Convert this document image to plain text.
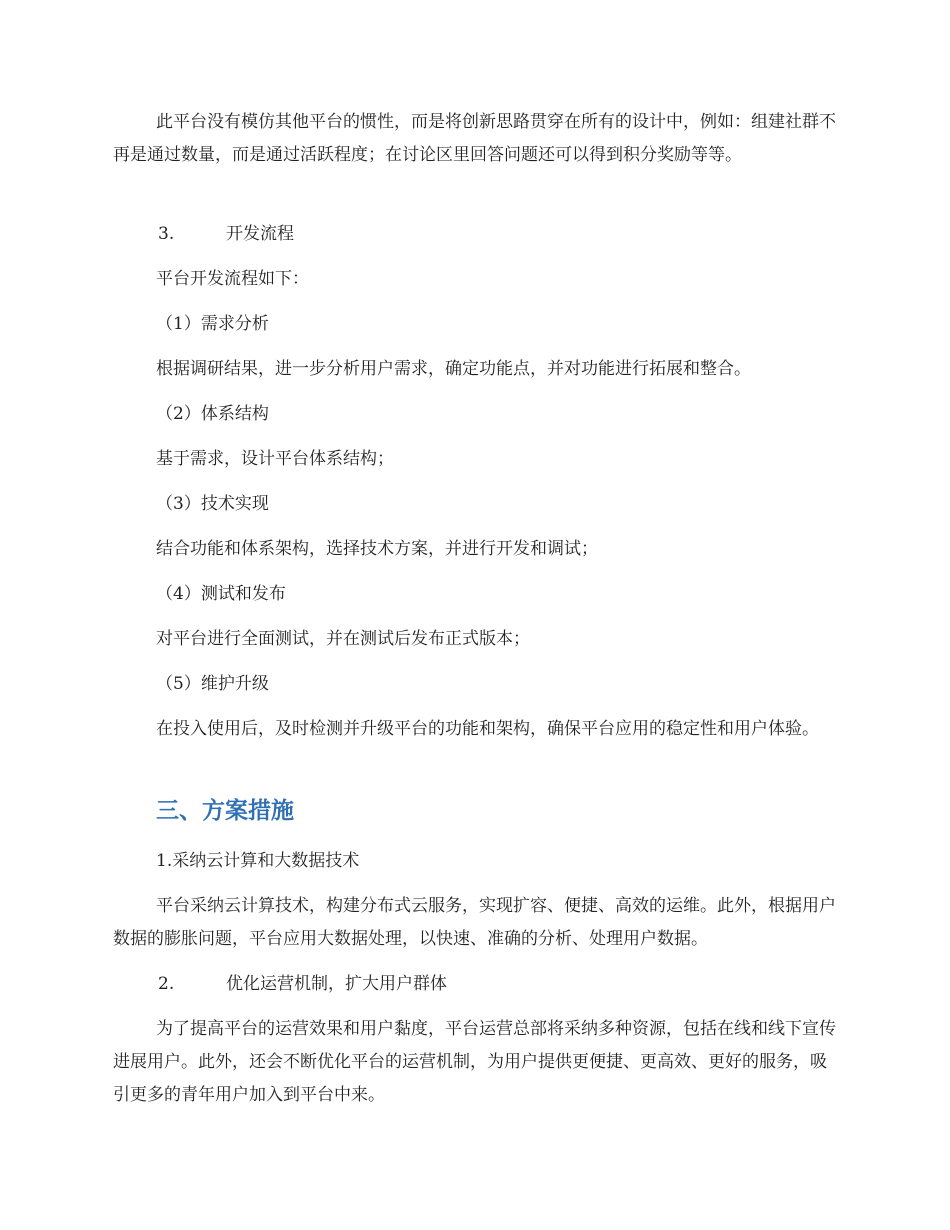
此平台没有模仿其他平台的惯性，而是将创新思路贯穿在所有的设计中，例如：组建社群不再是通过数量，而是通过活跃程度；在讨论区里回答问题还可以得到积分奖励等等。

3.	开发流程

平台开发流程如下：

（1）需求分析

根据调研结果，进一步分析用户需求，确定功能点，并对功能进行拓展和整合。

（2）体系结构

基于需求，设计平台体系结构；

（3）技术实现

结合功能和体系架构，选择技术方案，并进行开发和调试；

（4）测试和发布

对平台进行全面测试，并在测试后发布正式版本；

（5）维护升级

在投入使用后，及时检测并升级平台的功能和架构，确保平台应用的稳定性和用户体验。

三、方案措施

1.采纳云计算和大数据技术

平台采纳云计算技术，构建分布式云服务，实现扩容、便捷、高效的运维。此外，根据用户数据的膨胀问题，平台应用大数据处理，以快速、准确的分析、处理用户数据。

2.	优化运营机制，扩大用户群体

为了提高平台的运营效果和用户黏度，平台运营总部将采纳多种资源，包括在线和线下宣传进展用户。此外，还会不断优化平台的运营机制，为用户提供更便捷、更高效、更好的服务，吸引更多的青年用户加入到平台中来。
